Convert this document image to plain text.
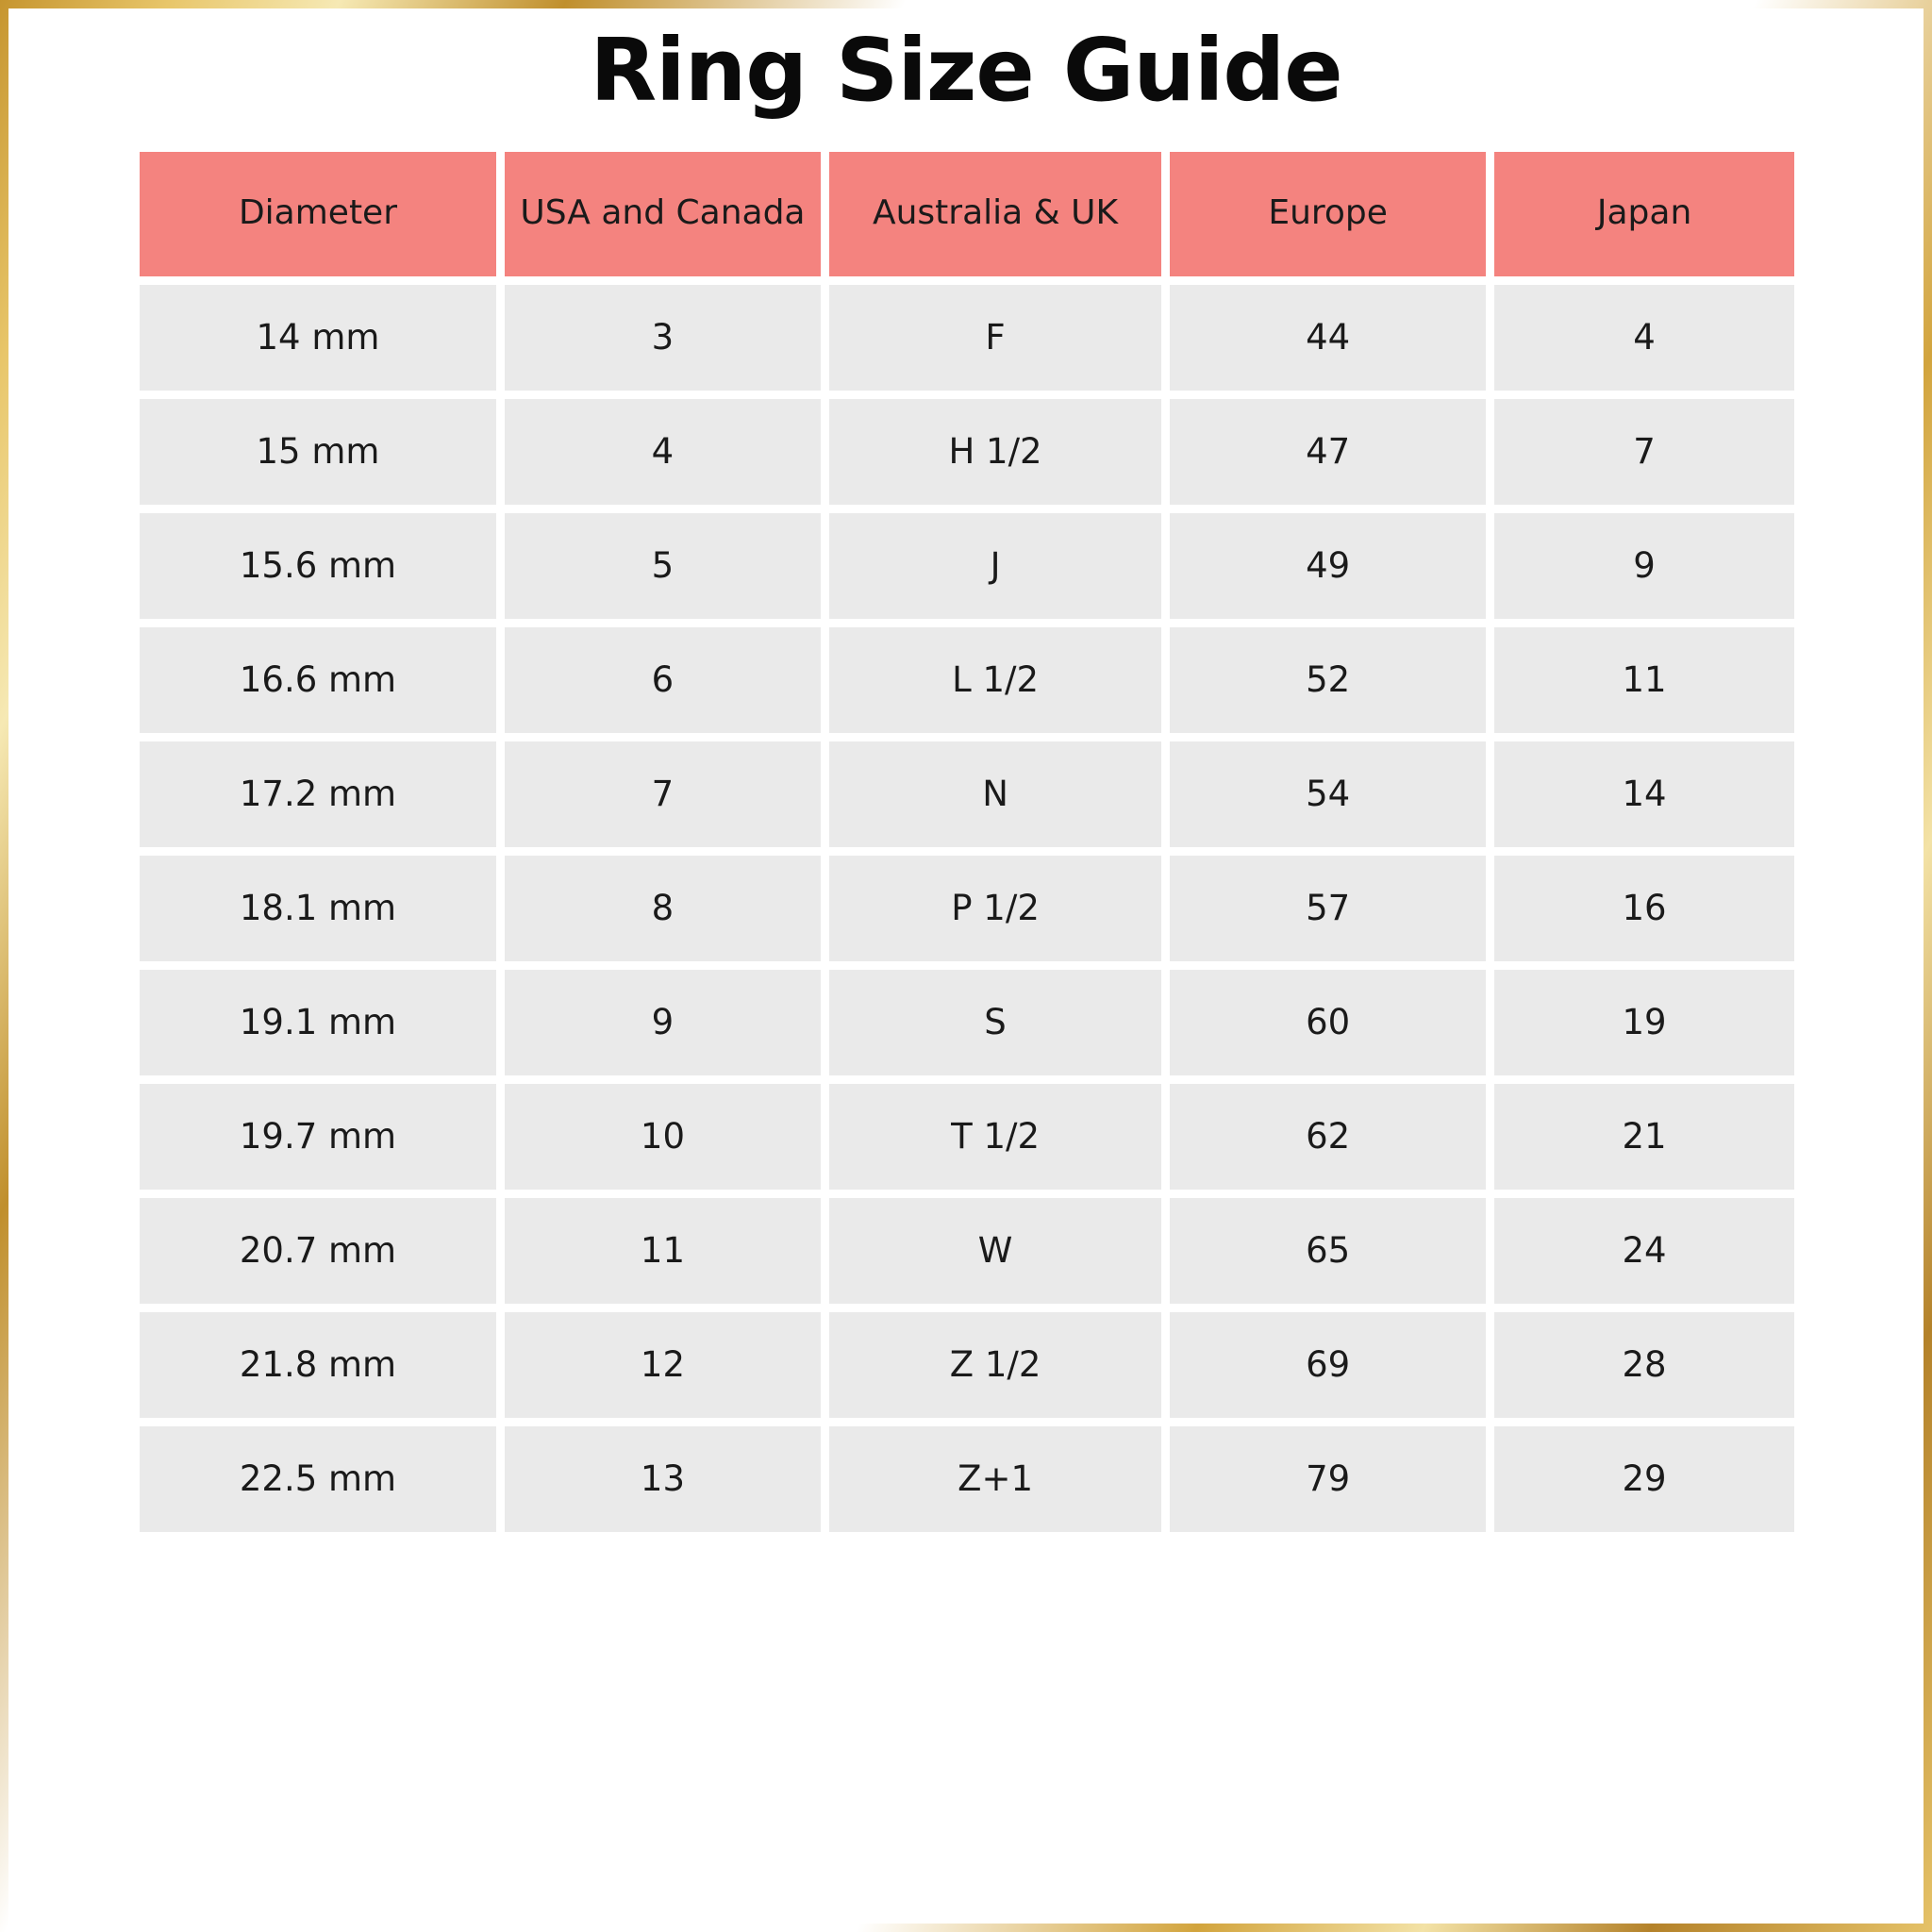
Ring Size Guide
Diameter	USA and Canada	Australia & UK	Europe	Japan
14 mm	3	F	44	4
15 mm	4	H 1/2	47	7
15.6 mm	5	J	49	9
16.6 mm	6	L 1/2	52	11
17.2 mm	7	N	54	14
18.1 mm	8	P 1/2	57	16
19.1 mm	9	S	60	19
19.7 mm	10	T 1/2	62	21
20.7 mm	11	W	65	24
21.8 mm	12	Z 1/2	69	28
22.5 mm	13	Z+1	79	29
